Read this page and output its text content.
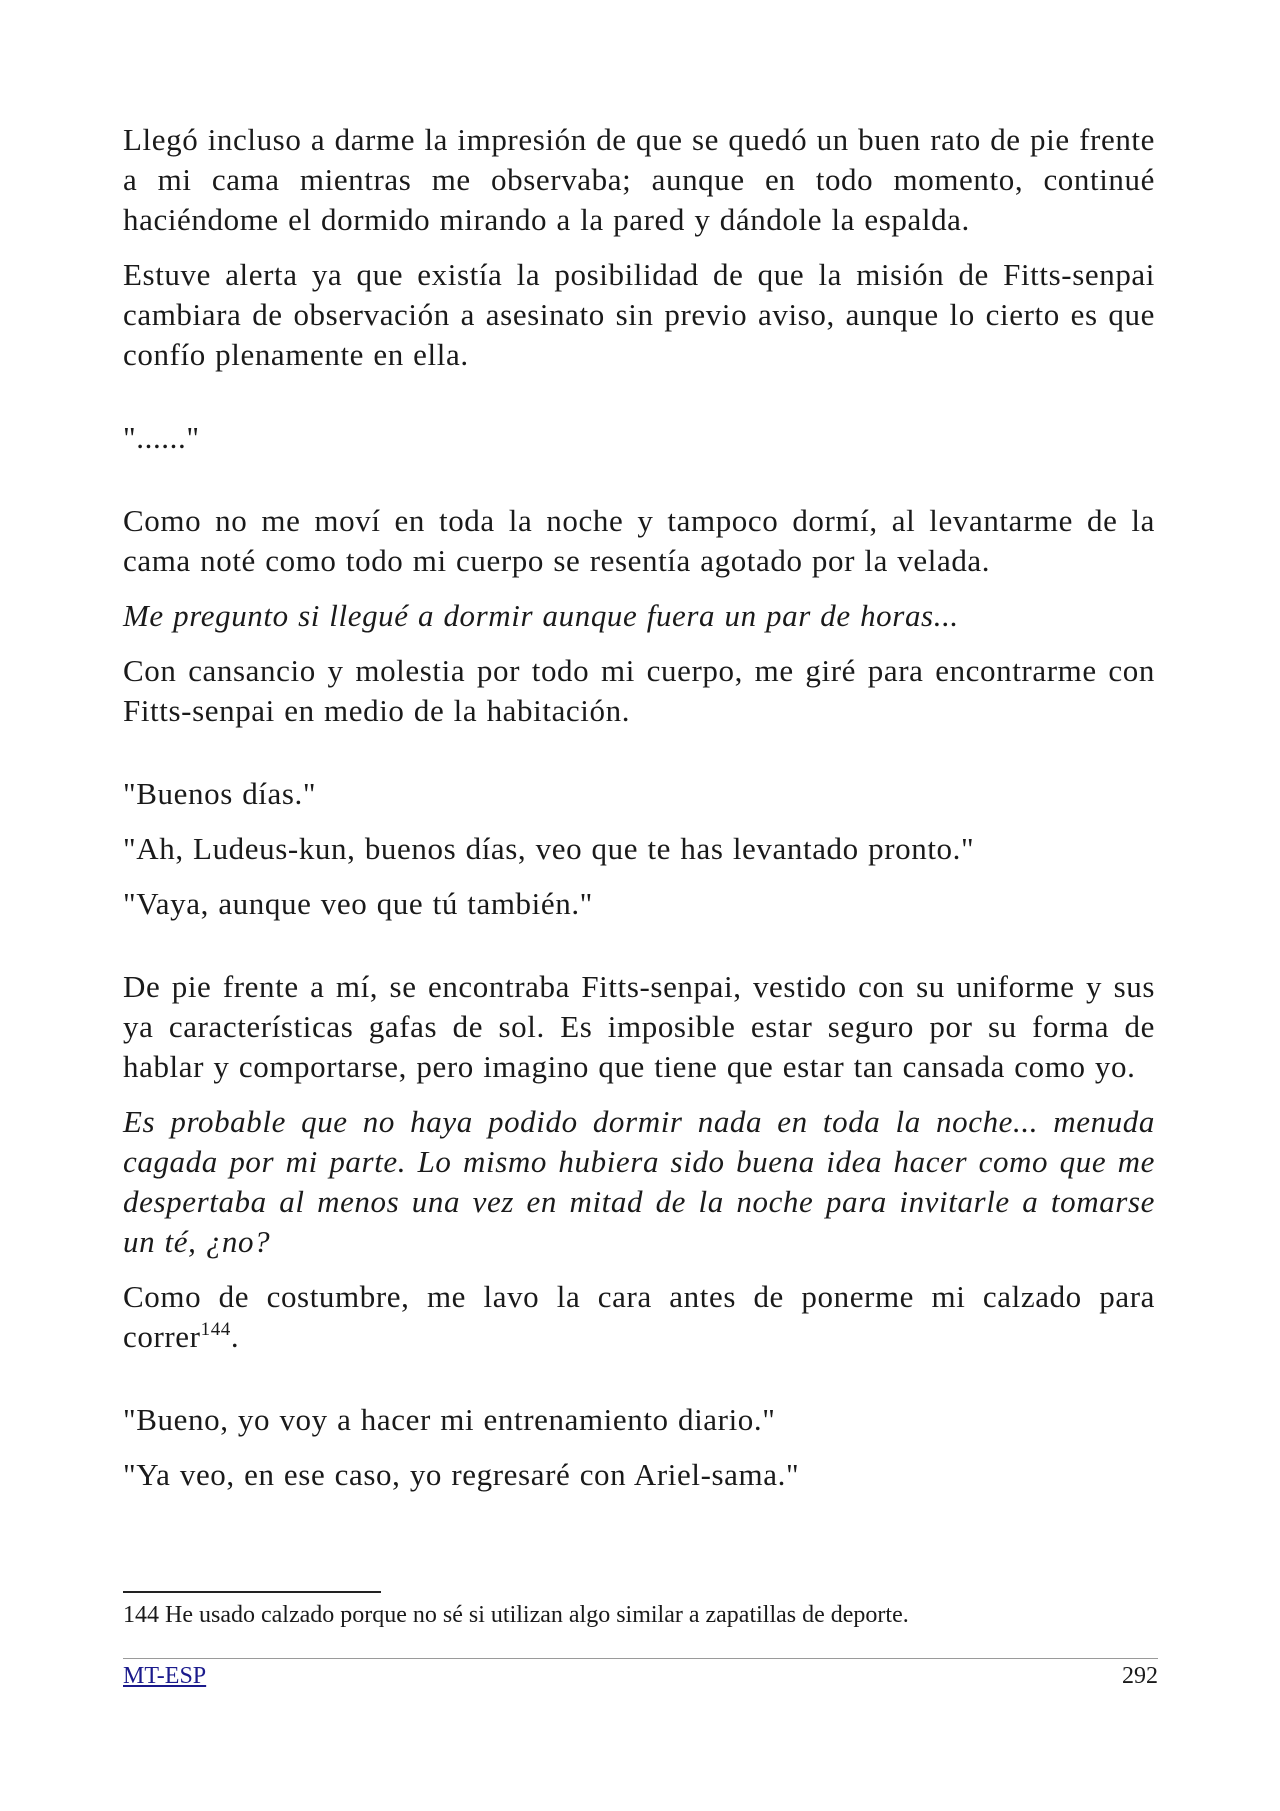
Llegó incluso a darme la impresión de que se quedó un buen rato de pie frente a mi cama mientras me observaba; aunque en todo momento, continué haciéndome el dormido mirando a la pared y dándole la espalda.

Estuve alerta ya que existía la posibilidad de que la misión de Fitts-senpai cambiara de observación a asesinato sin previo aviso, aunque lo cierto es que confío plenamente en ella.

"......"

Como no me moví en toda la noche y tampoco dormí, al levantarme de la cama noté como todo mi cuerpo se resentía agotado por la velada.

Me pregunto si llegué a dormir aunque fuera un par de horas...

Con cansancio y molestia por todo mi cuerpo, me giré para encontrarme con Fitts-senpai en medio de la habitación.

"Buenos días."

"Ah, Ludeus-kun, buenos días, veo que te has levantado pronto."

"Vaya, aunque veo que tú también."

De pie frente a mí, se encontraba Fitts-senpai, vestido con su uniforme y sus ya características gafas de sol. Es imposible estar seguro por su forma de hablar y comportarse, pero imagino que tiene que estar tan cansada como yo.

Es probable que no haya podido dormir nada en toda la noche... menuda cagada por mi parte. Lo mismo hubiera sido buena idea hacer como que me despertaba al menos una vez en mitad de la noche para invitarle a tomarse un té, ¿no?

Como de costumbre, me lavo la cara antes de ponerme mi calzado para correr$^{144}$.

"Bueno, yo voy a hacer mi entrenamiento diario."

"Ya veo, en ese caso, yo regresaré con Ariel-sama."

144 He usado calzado porque no sé si utilizan algo similar a zapatillas de deporte.
MT-ESP	292
